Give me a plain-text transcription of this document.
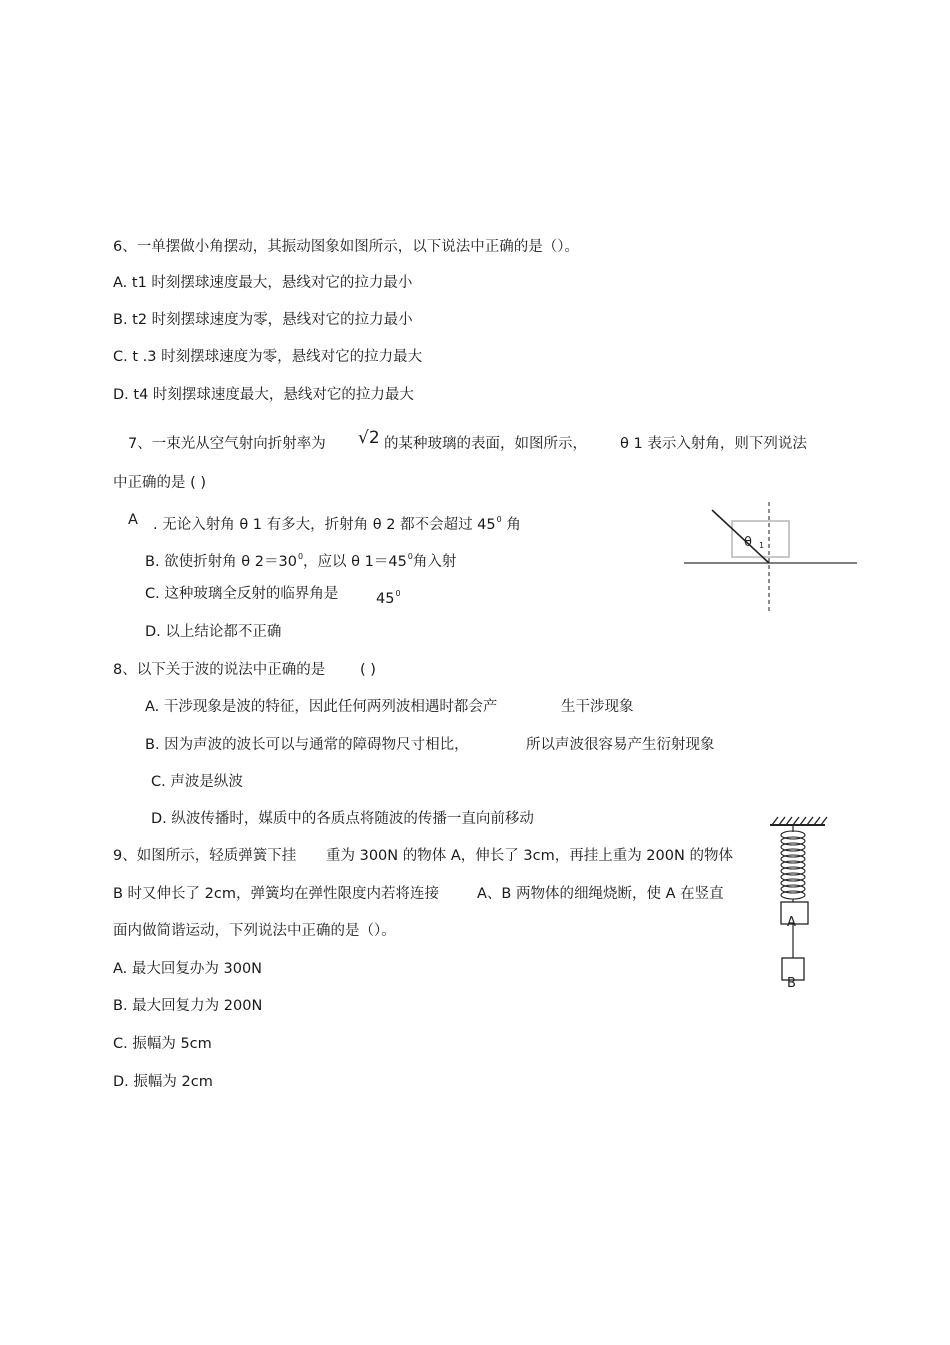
6、一单摆做小角摆动，其振动图象如图所示，以下说法中正确的是（）。
A. t1 时刻摆球速度最大，悬线对它的拉力最小
B. t2 时刻摆球速度为零，悬线对它的拉力最小
C. t .3 时刻摆球速度为零，悬线对它的拉力最大
D. t4 时刻摆球速度最大，悬线对它的拉力最大
7、一束光从空气射向折射率为 √2 的某种玻璃的表面，如图所示， θ 1 表示入射角，则下列说法
中正确的是 ( )
A . 无论入射角 θ 1 有多大，折射角 θ 2 都不会超过 $45^0$ 角
B. 欲使折射角 θ $2=30^0$，应以 θ $1=45^0$角入射
C. 这种玻璃全反射的临界角是	$45^0$
D. 以上结论都不正确
θ 1
8、以下关于波的说法中正确的是 ( )
A. 干涉现象是波的特征，因此任何两列波相遇时都会产	生干涉现象
B. 因为声波的波长可以与通常的障碍物尺寸相比，	所以声波很容易产生衍射现象
C. 声波是纵波
D. 纵波传播时，媒质中的各质点将随波的传播一直向前移动
9、如图所示，轻质弹簧下挂 重为 300N 的物体 A，伸长了 3cm，再挂上重为 200N 的物体
B 时又伸长了 2cm，弹簧均在弹性限度内若将连接	A、B 两物体的细绳烧断，使 A 在竖直
面内做简谐运动，下列说法中正确的是（）。
A. 最大回复办为 300N
B. 最大回复力为 200N
C. 振幅为 5cm
D. 振幅为 2cm
A
B
